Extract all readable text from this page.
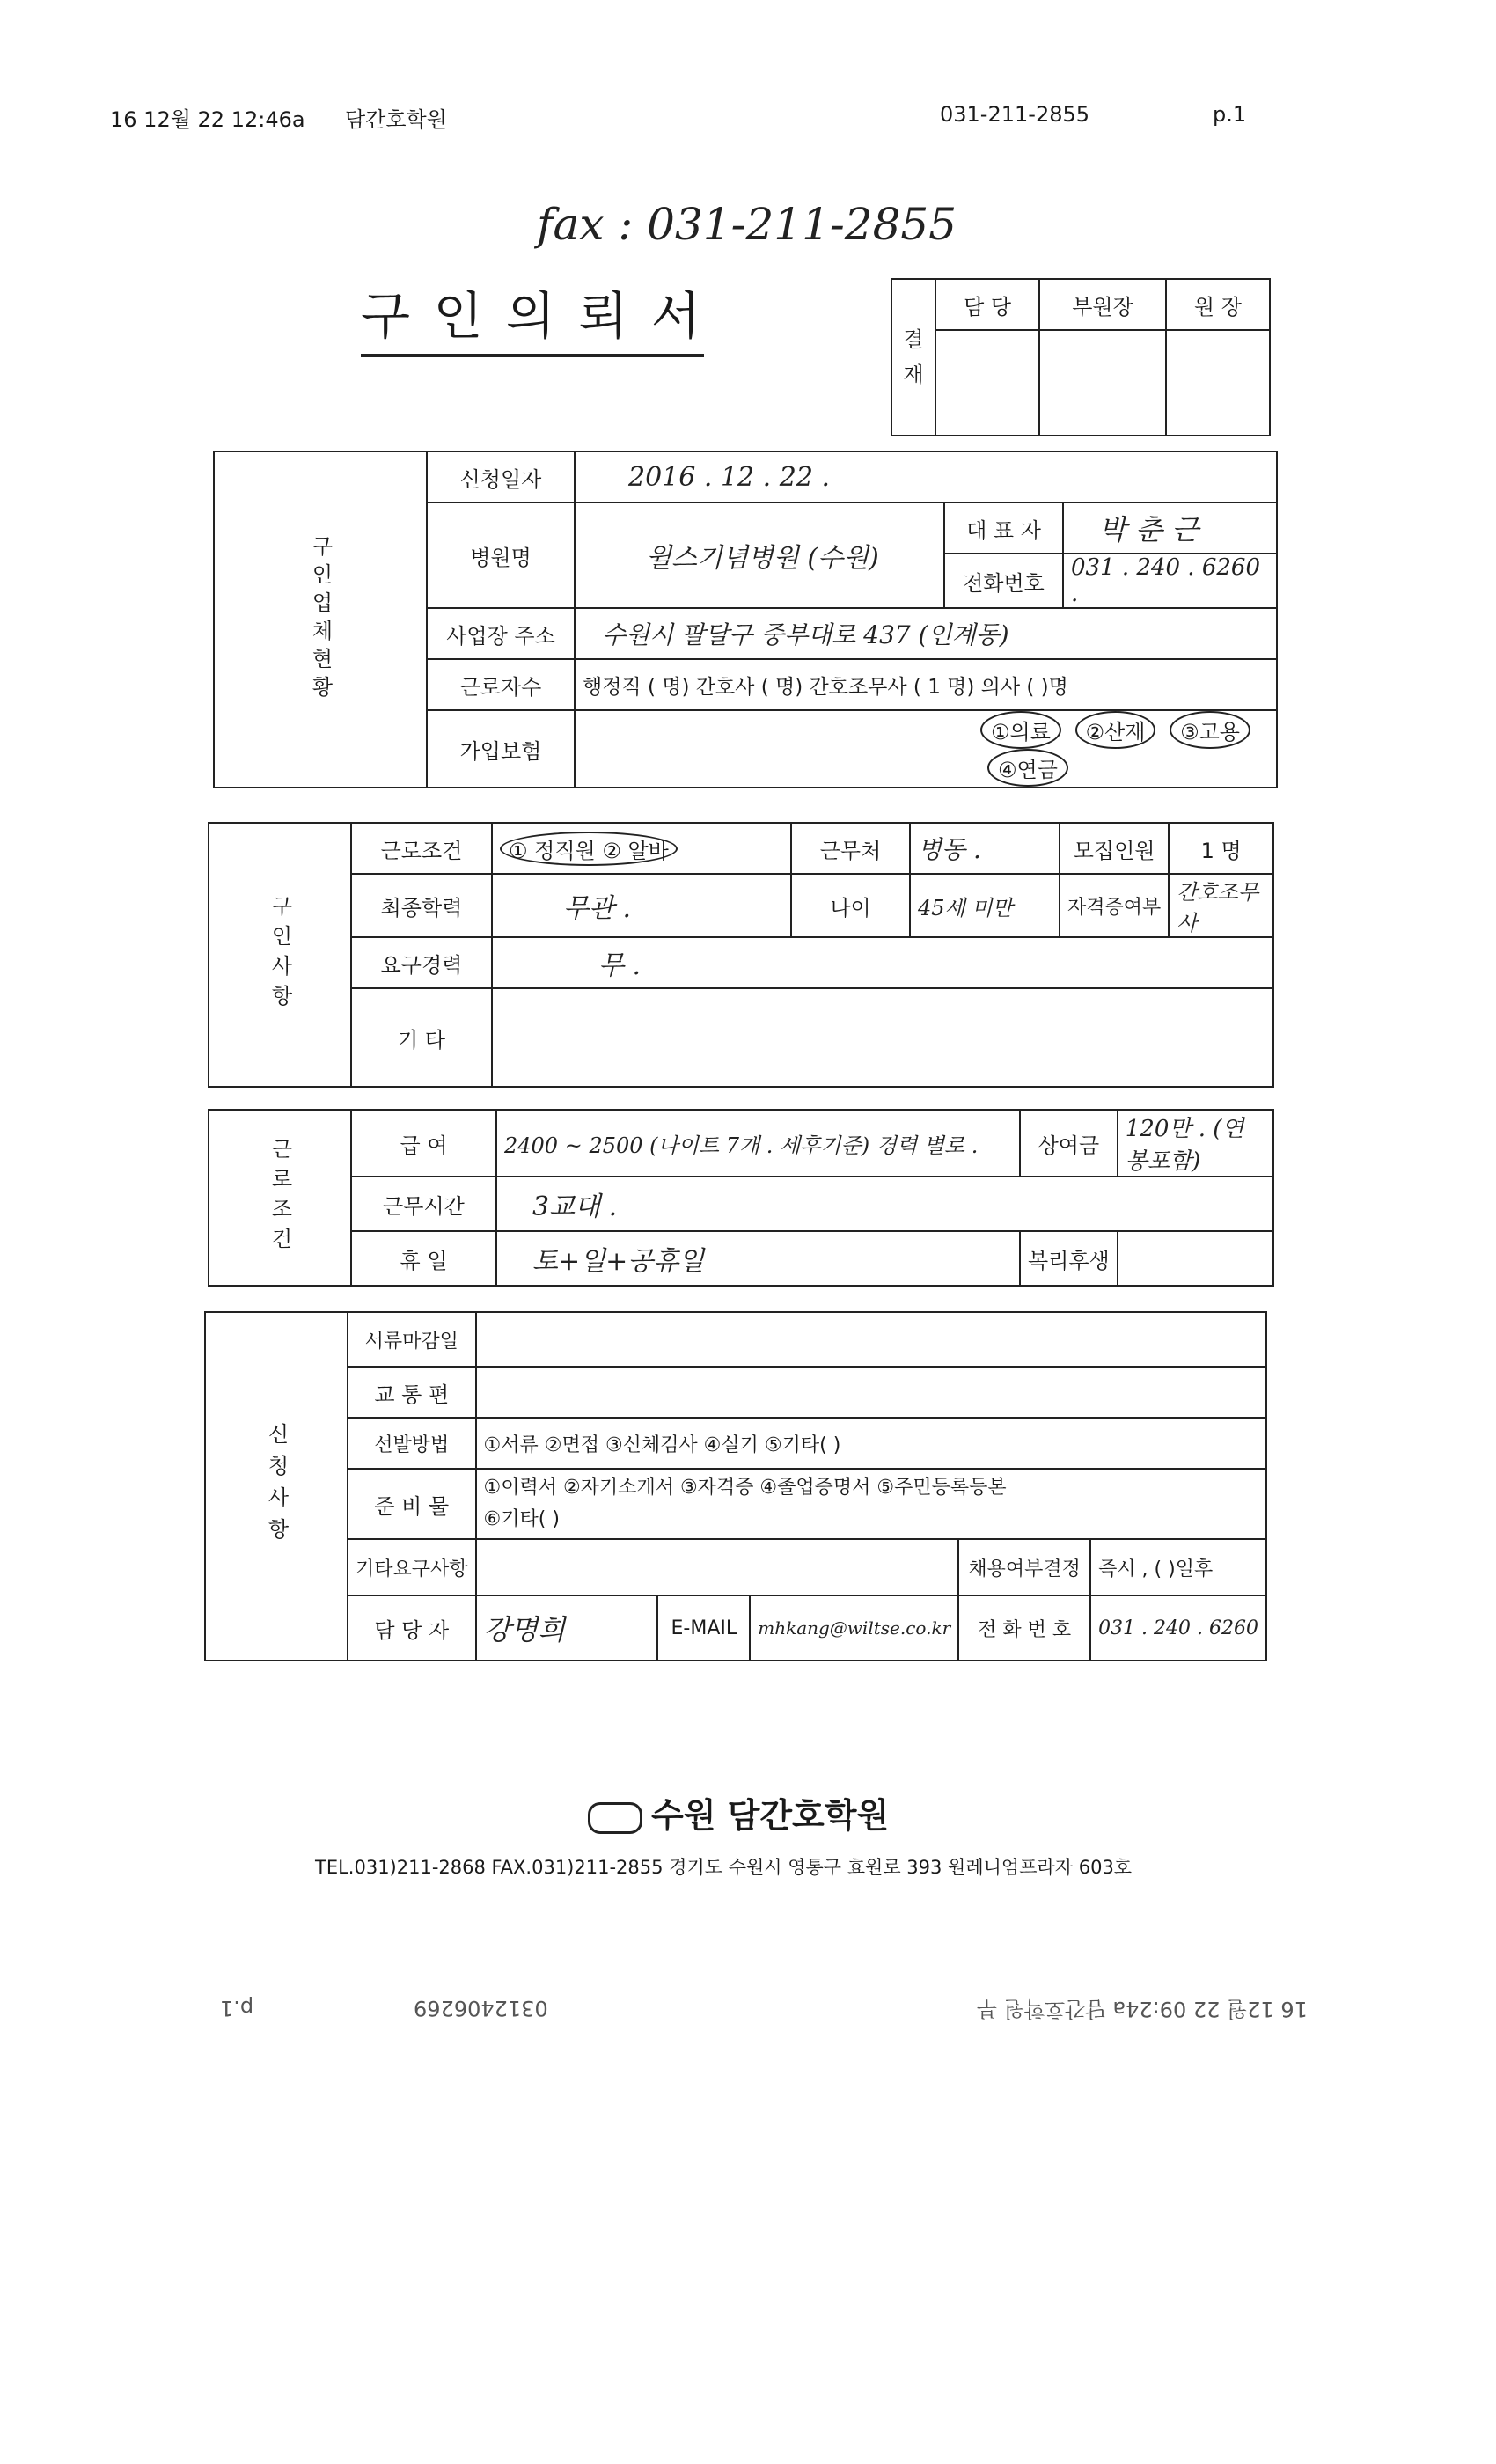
16 12월 22 12:46a 담간호학원	031-211-2855	p.1
fax : 031-211-2855
구 인 의 뢰 서	결 재	담 당	부원장	원 장

구인업체현황	신청일자	2016 . 12 . 22 .		
	병원명	윌스기념병원 (수원)	대 표 자	박 춘 근
			전화번호	031 . 240 . 6260 .
	사업장 주소	수원시 팔달구 중부대로 437 (인계동)		
	근로자수	행정직 ( 명) 간호사 ( 명) 간호조무사 ( 1 명) 의사 ( )명		
	가입보험	①의료 ②산재 ③고용 ④연금		
구인사항	근로조건	① 정직원 ② 알바	근무처	병동 .	모집인원	1 명
	최종학력	무관 .	나이	45세 미만	자격증여부	간호조무사
	요구경력	무 .				
	기 타					
근로조건	급 여	2400 ~ 2500 (나이트 7개 . 세후기준) 경력 별로 .	상여금	120만 . (연봉포함)
	근무시간	3교대 .		
	휴 일	토+일+공휴일	복리후생	
신청사항	서류마감일					
	교 통 편					
	선발방법	①서류 ②면접 ③신체검사 ④실기 ⑤기타( )				
	준 비 물	①이력서 ②자기소개서 ③자격증 ④졸업증명서 ⑤주민등록등본
⑥기타( )				

	기타요구사항				채용여부결정	즉시 , ( )일후
	담 당 자	강명희	E-MAIL	mhkang@wiltse.co.kr	전 화 번 호	031 . 240 . 6260
수원 담간호학원
TEL.031)211-2868 FAX.031)211-2855 경기도 수원시 영통구 효원로 393 원레니엄프라자 603호
p.1	0312406269	16 12월 22 09:24a 담간호학원 부
